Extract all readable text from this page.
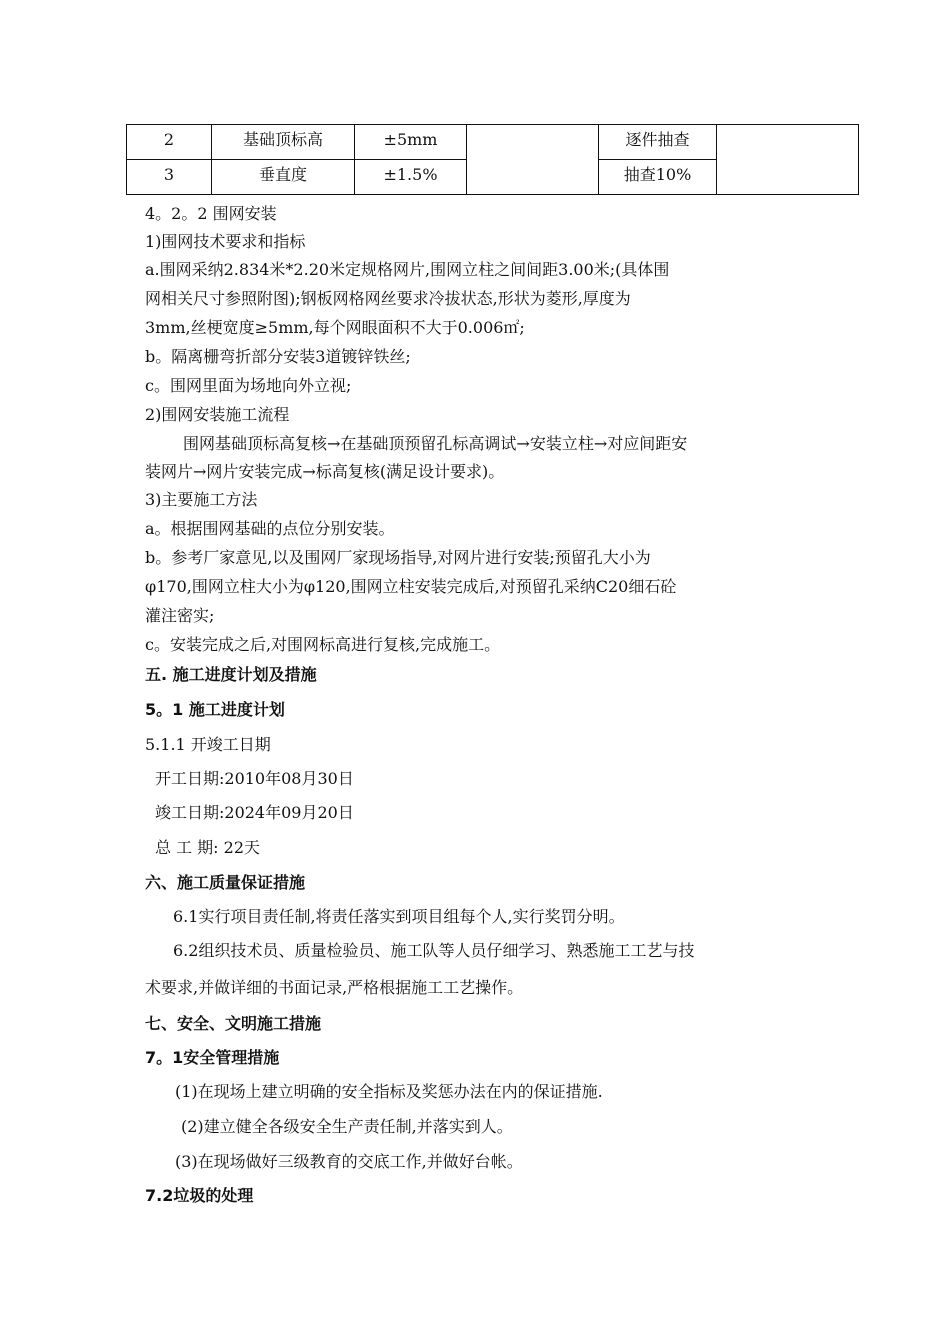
2	基础顶标高	±5mm		逐件抽查	
3	垂直度	±1.5%		抽查10%	
4。2。2 围网安装
1)围网技术要求和指标
a.围网采纳2.834米*2.20米定规格网片,围网立柱之间间距3.00米;(具体围
网相关尺寸参照附图);钢板网格网丝要求冷拔状态,形状为菱形,厚度为
3mm,丝梗宽度≥5mm,每个网眼面积不大于0.006㎡;
b。隔离栅弯折部分安装3道镀锌铁丝;
c。围网里面为场地向外立视;
2)围网安装施工流程
围网基础顶标高复核→在基础顶预留孔标高调试→安装立柱→对应间距安
装网片→网片安装完成→标高复核(满足设计要求)。
3)主要施工方法
a。根据围网基础的点位分别安装。
b。参考厂家意见,以及围网厂家现场指导,对网片进行安装;预留孔大小为
φ170,围网立柱大小为φ120,围网立柱安装完成后,对预留孔采纳C20细石砼
灌注密实;
c。安装完成之后,对围网标高进行复核,完成施工。
五. 施工进度计划及措施
5。1 施工进度计划
5.1.1 开竣工日期
开工日期:2010年08月30日
竣工日期:2024年09月20日
总 工 期: 22天
六、施工质量保证措施
6.1实行项目责任制,将责任落实到项目组每个人,实行奖罚分明。
6.2组织技术员、质量检验员、施工队等人员仔细学习、熟悉施工工艺与技
术要求,并做详细的书面记录,严格根据施工工艺操作。
七、安全、文明施工措施
7。1安全管理措施
(1)在现场上建立明确的安全指标及奖惩办法在内的保证措施.
(2)建立健全各级安全生产责任制,并落实到人。
(3)在现场做好三级教育的交底工作,并做好台帐。
7.2垃圾的处理
